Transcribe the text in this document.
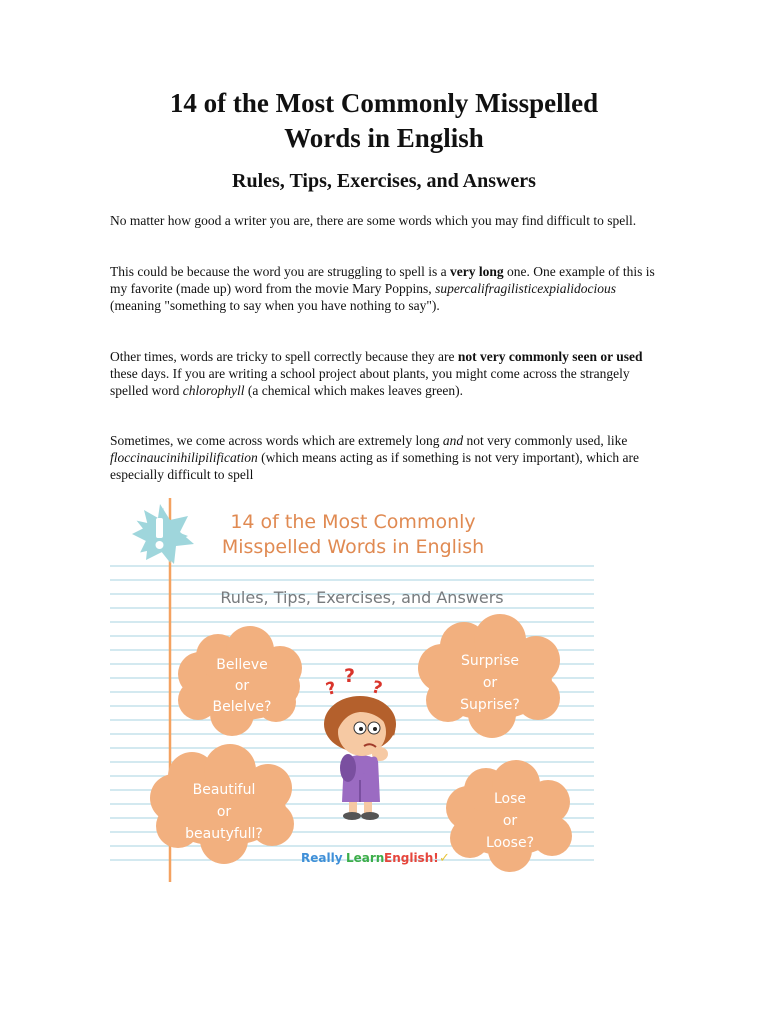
14 of the Most Commonly Misspelled
Words in English
Rules, Tips, Exercises, and Answers

No matter how good a writer you are, there are some words which you may find difficult to spell.

This could be because the word you are struggling to spell is a very long one. One example of this is my favorite (made up) word from the movie Mary Poppins, supercalifragilisticexpialidocious (meaning "something to say when you have nothing to say").

Other times, words are tricky to spell correctly because they are not very commonly seen or used these days. If you are writing a school project about plants, you might come across the strangely spelled word chlorophyll (a chemical which makes leaves green).

Sometimes, we come across words which are extremely long and not very commonly used, like floccinaucinihilipilification (which means acting as if something is not very important), which are especially difficult to spell

14 of the Most Commonly
Misspelled Words in English
Rules, Tips, Exercises, and Answers
Belleve
or
Belelve?
Surprise
or
Suprise?
Beautiful
or
beautyfull?
Lose
or
Loose?
?
?
?
Really Learn English! ✓
